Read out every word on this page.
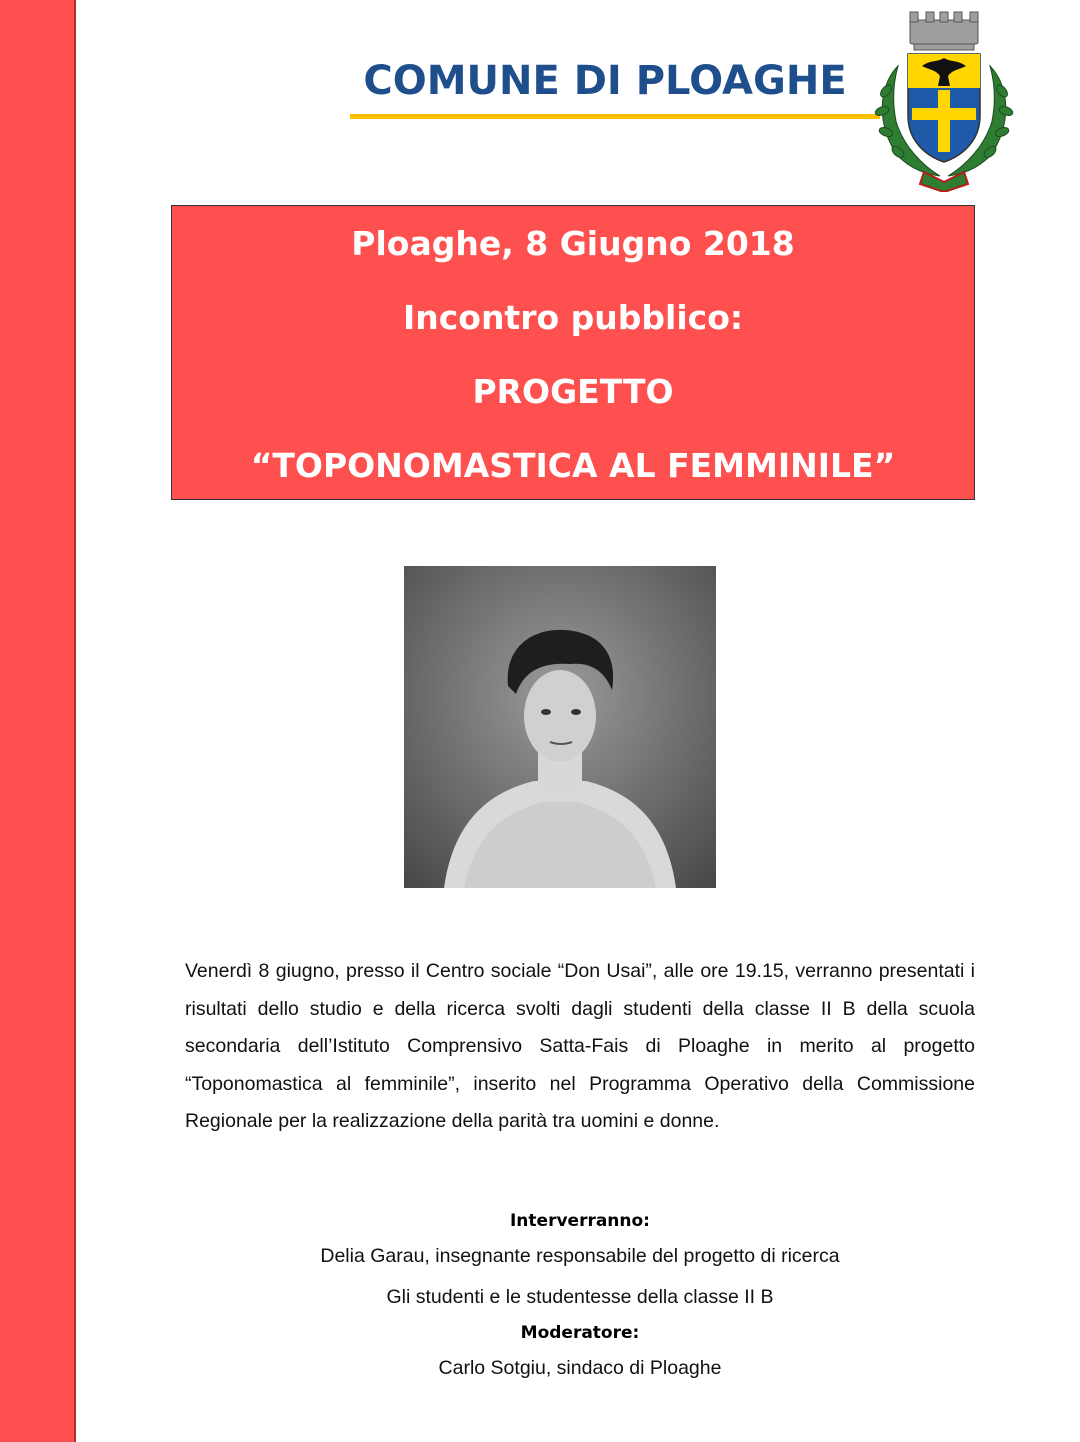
COMUNE DI PLOAGHE
Ploaghe, 8 Giugno 2018
Incontro pubblico:
PROGETTO
“TOPONOMASTICA AL FEMMINILE”
Venerdì 8 giugno, presso il Centro sociale “Don Usai”, alle ore 19.15, verranno presentati i risultati dello studio e della ricerca svolti dagli studenti della classe II B della scuola secondaria dell’Istituto Comprensivo Satta-Fais di Ploaghe in merito al progetto “Toponomastica al femminile”, inserito nel Programma Operativo della Commissione Regionale per la realizzazione della parità tra uomini e donne.
Interverranno:
Delia Garau, insegnante responsabile del progetto di ricerca
Gli studenti e le studentesse della classe II B
Moderatore:
Carlo Sotgiu, sindaco di Ploaghe
